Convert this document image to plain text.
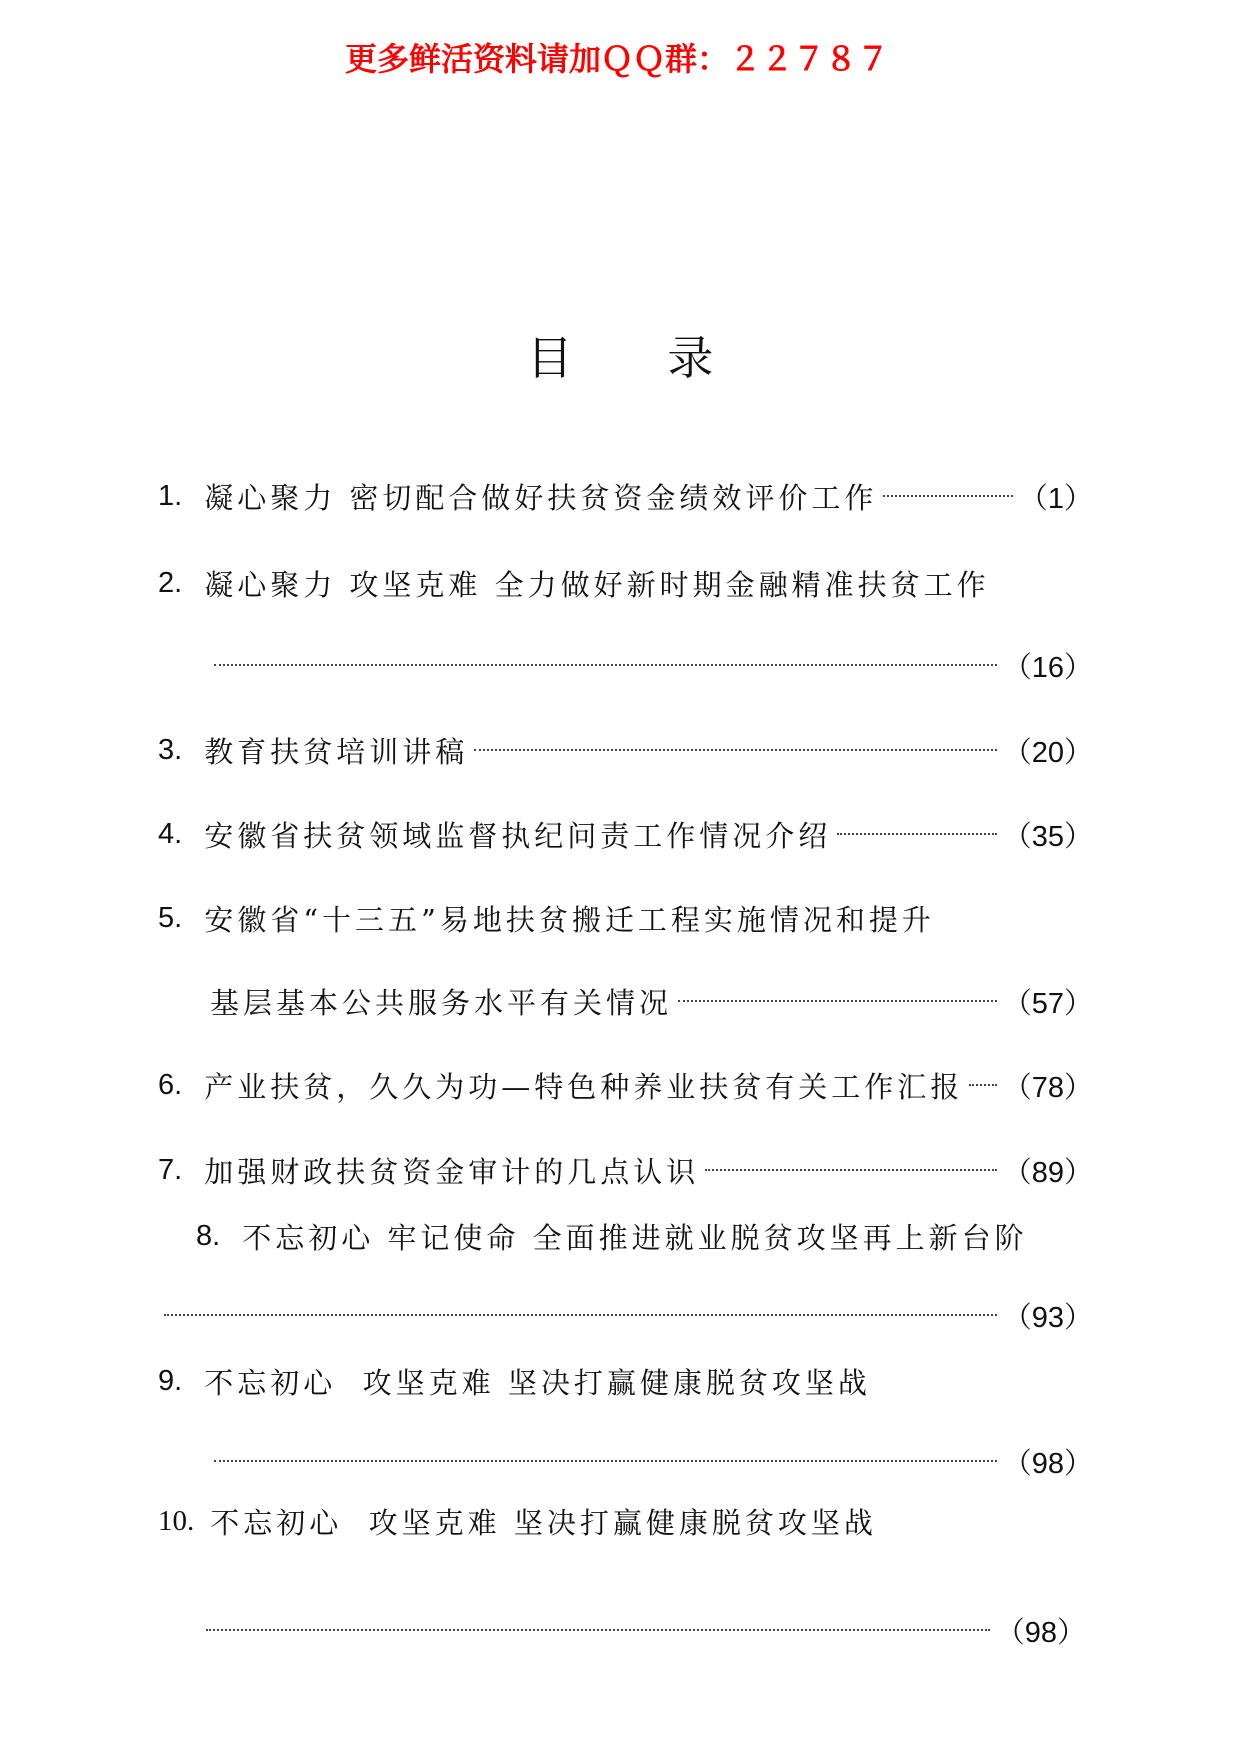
更多鲜活资料请加ＱＱ群：２２７８７
目 录
1. 凝心聚力 密切配合做好扶贫资金绩效评价工作	（1）
2. 凝心聚力 攻坚克难 全力做好新时期金融精准扶贫工作
（16）
3. 教育扶贫培训讲稿	（20）
4. 安徽省扶贫领域监督执纪问责工作情况介绍	（35）
5. 安徽省“十三五”易地扶贫搬迁工程实施情况和提升
基层基本公共服务水平有关情况	（57）
6. 产业扶贫，久久为功—特色种养业扶贫有关工作汇报 （78）
7. 加强财政扶贫资金审计的几点认识	（89）
8. 不忘初心 牢记使命 全面推进就业脱贫攻坚再上新台阶
（93）
9. 不忘初心  攻坚克难 坚决打赢健康脱贫攻坚战
（98）
10. 不忘初心  攻坚克难 坚决打赢健康脱贫攻坚战
（98）
